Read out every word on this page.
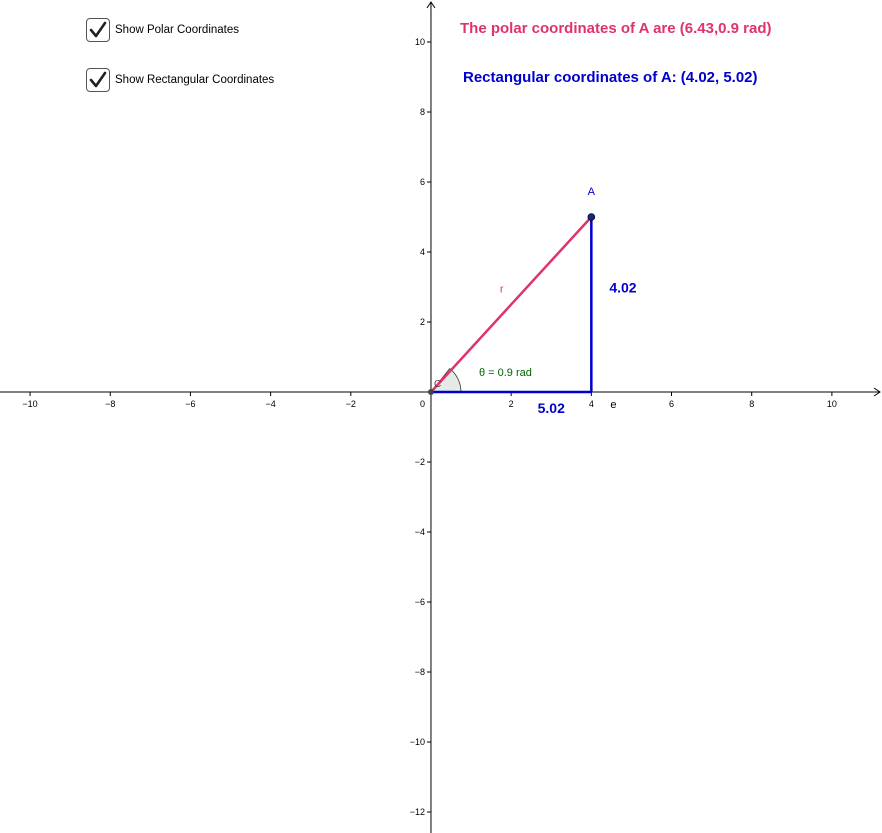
−10	−8	−6	−4	−2	2	4	6	8	10
−12
−10
−8
−6
−4
−2
2
4
6
8
10
0
A
r
C
e
θ = 0.9 rad
5.02
4.02
Show Polar Coordinates
Show Rectangular Coordinates
The polar coordinates of A are (6.43,0.9 rad)
Rectangular coordinates of A: (4.02, 5.02)
